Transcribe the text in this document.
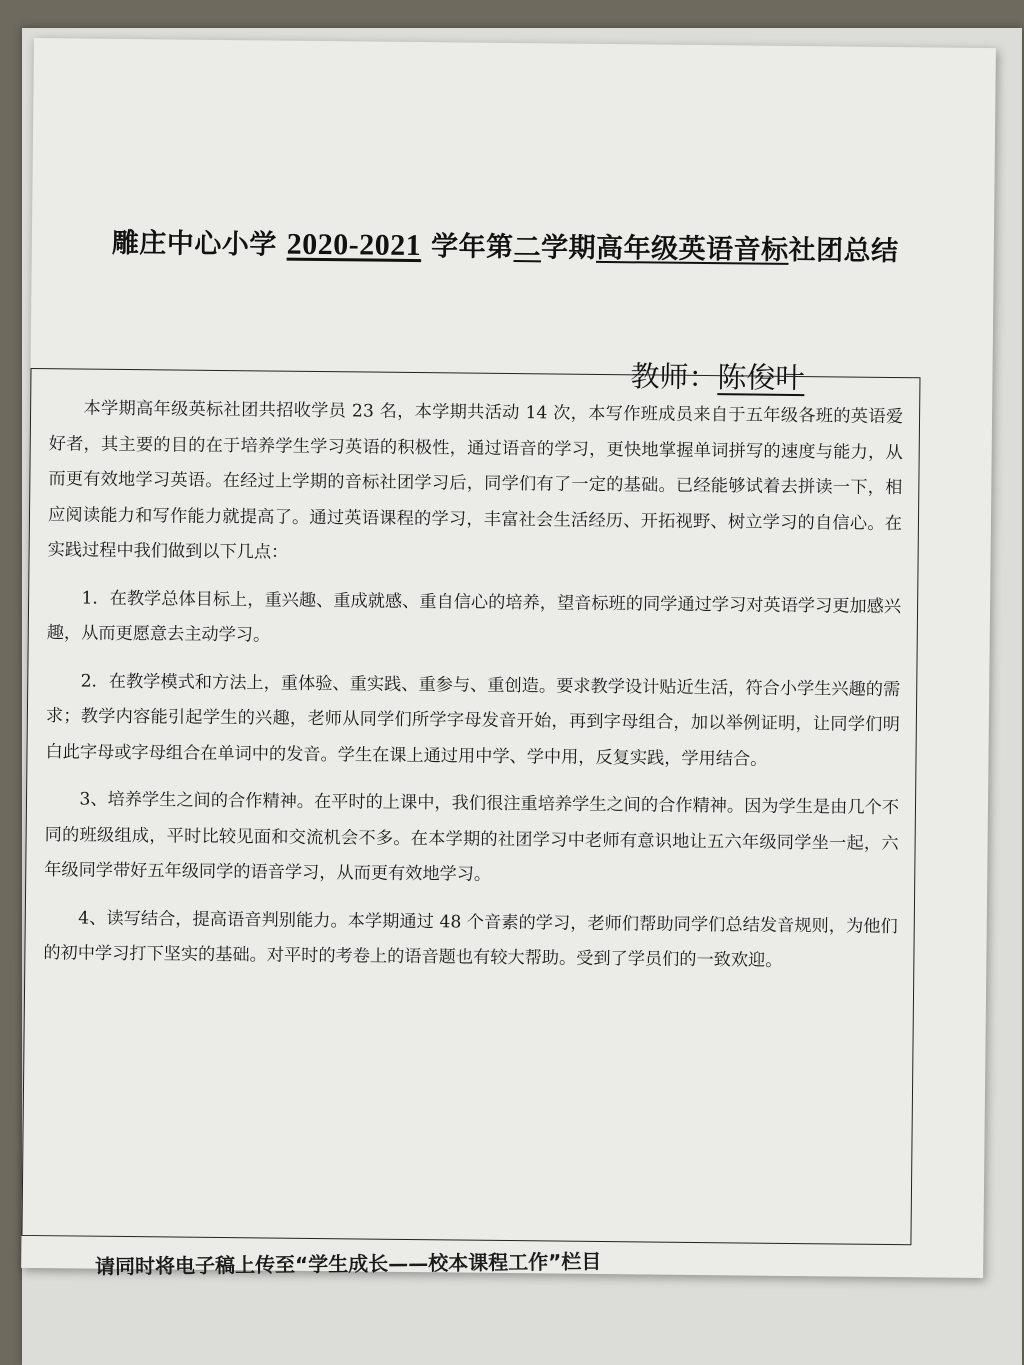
雕庄中心小学 2020-2021 学年第二学期高年级英语音标社团总结
教师：陈俊叶

本学期高年级英标社团共招收学员 23 名，本学期共活动 14 次，本写作班成员来自于五年级各班的英语爱好者，其主要的目的在于培养学生学习英语的积极性，通过语音的学习，更快地掌握单词拼写的速度与能力，从而更有效地学习英语。在经过上学期的音标社团学习后，同学们有了一定的基础。已经能够试着去拼读一下，相应阅读能力和写作能力就提高了。通过英语课程的学习，丰富社会生活经历、开拓视野、树立学习的自信心。在实践过程中我们做到以下几点：

1．在教学总体目标上，重兴趣、重成就感、重自信心的培养，望音标班的同学通过学习对英语学习更加感兴趣，从而更愿意去主动学习。

2．在教学模式和方法上，重体验、重实践、重参与、重创造。要求教学设计贴近生活，符合小学生兴趣的需求；教学内容能引起学生的兴趣，老师从同学们所学字母发音开始，再到字母组合，加以举例证明，让同学们明白此字母或字母组合在单词中的发音。学生在课上通过用中学、学中用，反复实践，学用结合。

3、培养学生之间的合作精神。在平时的上课中，我们很注重培养学生之间的合作精神。因为学生是由几个不同的班级组成，平时比较见面和交流机会不多。在本学期的社团学习中老师有意识地让五六年级同学坐一起，六年级同学带好五年级同学的语音学习，从而更有效地学习。

4、读写结合，提高语音判别能力。本学期通过 48 个音素的学习，老师们帮助同学们总结发音规则，为他们的初中学习打下坚实的基础。对平时的考卷上的语音题也有较大帮助。受到了学员们的一致欢迎。

请同时将电子稿上传至“学生成长——校本课程工作”栏目
